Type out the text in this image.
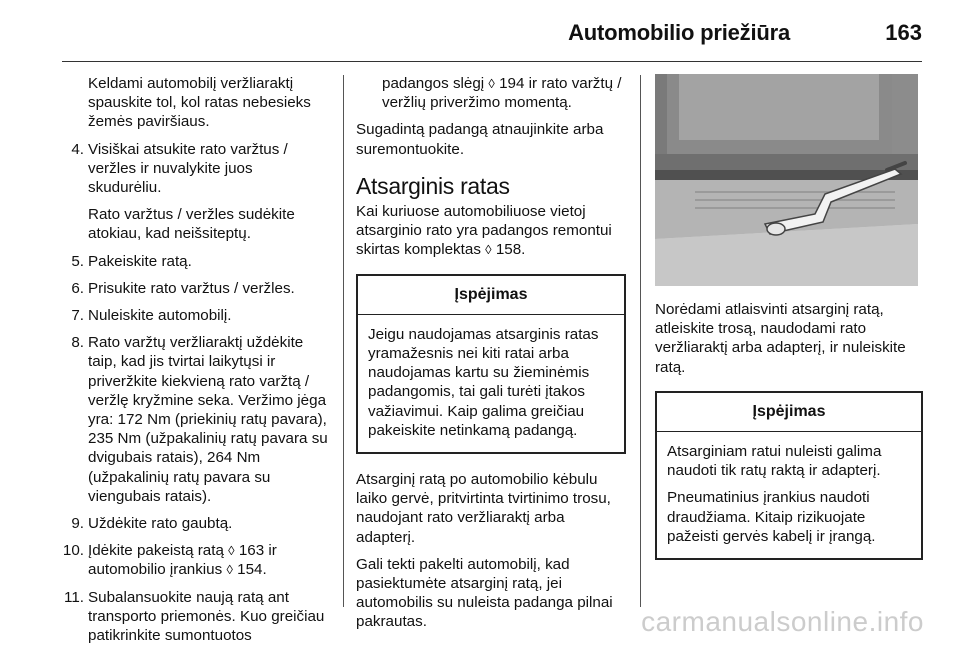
Automobilio priežiūra	163

Keldami automobilį veržliaraktį spauskite tol, kol ratas nebesieks žemės paviršiaus.

4. Visiškai atsukite rato varžtus / veržles ir nuvalykite juos skudurėliu.
Rato varžtus / veržles sudėkite atokiau, kad neišsiteptų.
5. Pakeiskite ratą.
6. Prisukite rato varžtus / veržles.
7. Nuleiskite automobilį.
8. Rato varžtų veržliaraktį uždėkite taip, kad jis tvirtai laikytųsi ir priveržkite kiekvieną rato varžtą / veržlę kryžmine seka. Veržimo jėga yra: 172 Nm (priekinių ratų pavara), 235 Nm (užpakalinių ratų pavara su dvigubais ratais), 264 Nm (užpakalinių ratų pavara su viengubais ratais).
9. Uždėkite rato gaubtą.
10. Įdėkite pakeistą ratą ◊ 163 ir automobilio įrankius ◊ 154.
11. Subalansuokite naują ratą ant transporto priemonės. Kuo greičiau patikrinkite sumontuotos

padangos slėgį ◊ 194 ir rato varžtų / veržlių priveržimo momentą.

Sugadintą padangą atnaujinkite arba suremontuokite.

Atsarginis ratas

Kai kuriuose automobiliuose vietoj atsarginio rato yra padangos remontui skirtas komplektas ◊ 158.

Įspėjimas

Jeigu naudojamas atsarginis ratas yramažesnis nei kiti ratai arba naudojamas kartu su žieminėmis padangomis, tai gali turėti įtakos važiavimui. Kaip galima greičiau pakeiskite netinkamą padangą.

Atsarginį ratą po automobilio kėbulu laiko gervė, pritvirtinta tvirtinimo trosu, naudojant rato veržliaraktį arba adapterį.

Gali tekti pakelti automobilį, kad pasiektumėte atsarginį ratą, jei automobilis su nuleista padanga pilnai pakrautas.

Norėdami atlaisvinti atsarginį ratą, atleiskite trosą, naudodami rato veržliaraktį arba adapterį, ir nuleiskite ratą.

Įspėjimas

Atsarginiam ratui nuleisti galima naudoti tik ratų raktą ir adapterį.

Pneumatinius įrankius naudoti draudžiama. Kitaip rizikuojate pažeisti gervės kabelį ir įrangą.

carmanualsonline.info
